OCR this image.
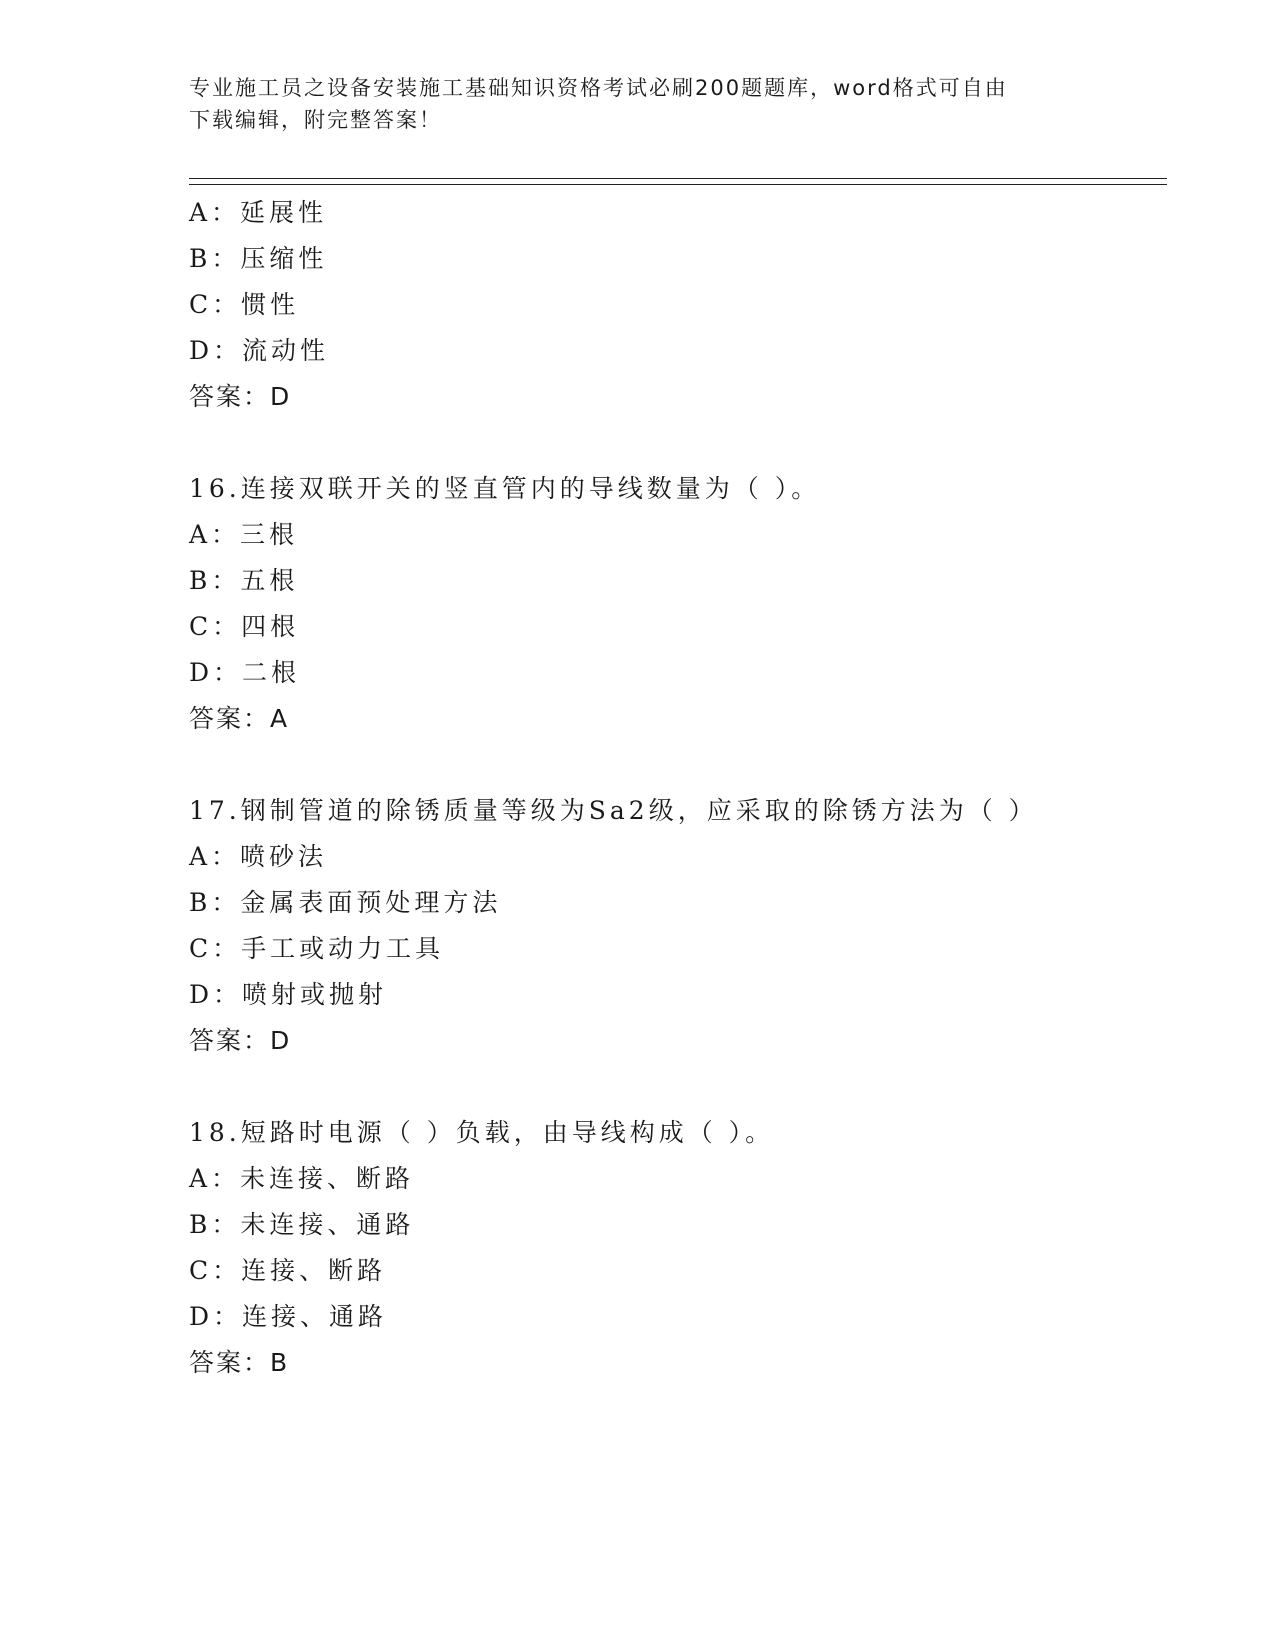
专业施工员之设备安装施工基础知识资格考试必刷200题题库，word格式可自由
下载编辑，附完整答案！
A：延展性
B：压缩性
C：惯性
D：流动性
答案：D
16.连接双联开关的竖直管内的导线数量为（ ）。
A：三根
B：五根
C：四根
D：二根
答案：A
17.钢制管道的除锈质量等级为Sa2级，应采取的除锈方法为（ ）
A：喷砂法
B：金属表面预处理方法
C：手工或动力工具
D：喷射或抛射
答案：D
18.短路时电源（ ）负载，由导线构成（ ）。
A：未连接、断路
B：未连接、通路
C：连接、断路
D：连接、通路
答案：B
